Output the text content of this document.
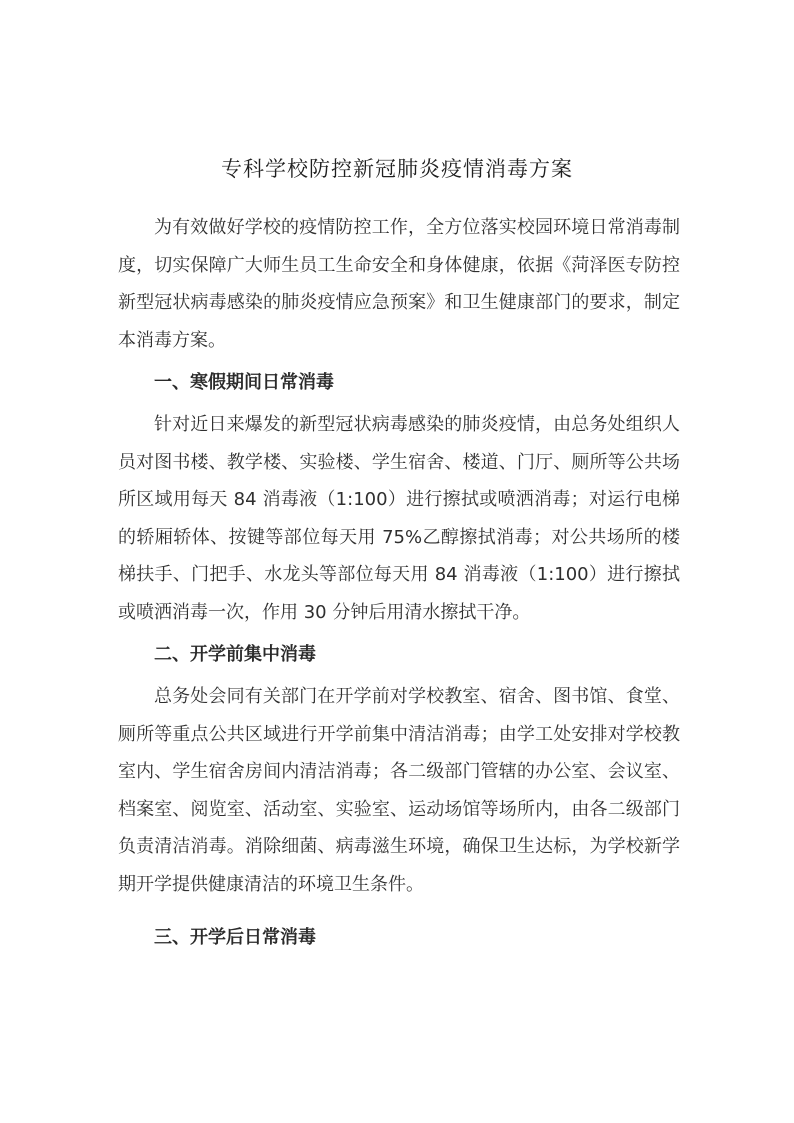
专科学校防控新冠肺炎疫情消毒方案

为有效做好学校的疫情防控工作，全方位落实校园环境日常消毒制度，切实保障广大师生员工生命安全和身体健康，依据《菏泽医专防控新型冠状病毒感染的肺炎疫情应急预案》和卫生健康部门的要求，制定本消毒方案。

一、寒假期间日常消毒

针对近日来爆发的新型冠状病毒感染的肺炎疫情，由总务处组织人员对图书楼、教学楼、实验楼、学生宿舍、楼道、门厅、厕所等公共场所区域用每天 84 消毒液（1:100）进行擦拭或喷洒消毒；对运行电梯的轿厢轿体、按键等部位每天用 75%乙醇擦拭消毒；对公共场所的楼梯扶手、门把手、水龙头等部位每天用 84 消毒液（1:100）进行擦拭或喷洒消毒一次，作用 30 分钟后用清水擦拭干净。

二、开学前集中消毒

总务处会同有关部门在开学前对学校教室、宿舍、图书馆、食堂、厕所等重点公共区域进行开学前集中清洁消毒；由学工处安排对学校教室内、学生宿舍房间内清洁消毒；各二级部门管辖的办公室、会议室、档案室、阅览室、活动室、实验室、运动场馆等场所内，由各二级部门负责清洁消毒。消除细菌、病毒滋生环境，确保卫生达标，为学校新学期开学提供健康清洁的环境卫生条件。

三、开学后日常消毒
